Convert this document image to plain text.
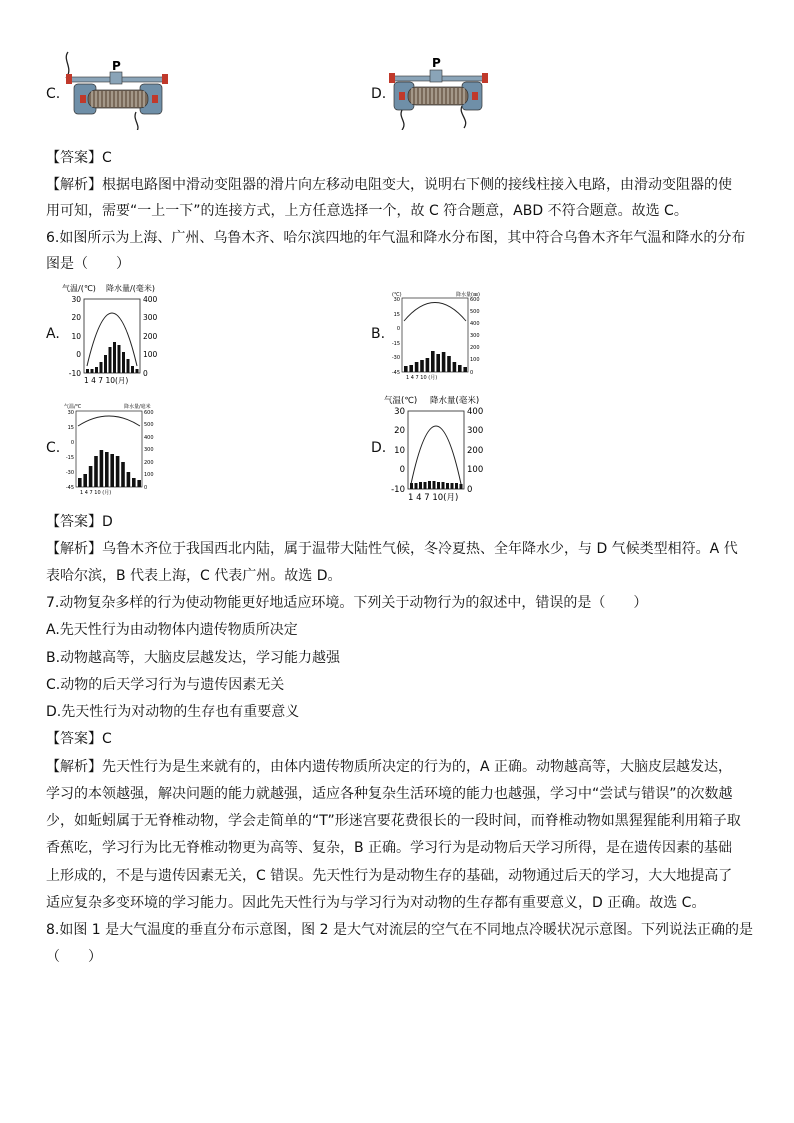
C.
P
D.
P
【答案】C
【解析】根据电路图中滑动变阻器的滑片向左移动电阻变大，说明右下侧的接线柱接入电路，由滑动变阻器的使
用可知，需要“一上一下”的连接方式，上方任意选择一个，故 C 符合题意，ABD 不符合题意。故选 C。
6.如图所示为上海、广州、乌鲁木齐、哈尔滨四地的年气温和降水分布图，其中符合乌鲁木齐年气温和降水的分布
图是（　　）
A.	B.
C.	D.
气温/(℃) 降水量/(毫米)
30
20
10
0
-10
400
300
200
100
0
1 4 7 10(月)
(℃)	降水量(㎜)
30
15
0
-15
-30
-45
600
500
400
300
200
100
0
1 4 7 10 (月)
气温/℃	降水量/毫米
30
15
0
-15
-30
-45
600
500
400
300
200
100
0
1 4 7 10 (月)
气温(℃) 降水量(毫米)
30
20
10
0
-10
400
300
200
100
0
1 4 7 10(月)
【答案】D
【解析】乌鲁木齐位于我国西北内陆，属于温带大陆性气候，冬冷夏热、全年降水少，与 D 气候类型相符。A 代
表哈尔滨，B 代表上海，C 代表广州。故选 D。
7.动物复杂多样的行为使动物能更好地适应环境。下列关于动物行为的叙述中，错误的是（　　）
A.先天性行为由动物体内遗传物质所决定
B.动物越高等，大脑皮层越发达，学习能力越强
C.动物的后天学习行为与遗传因素无关
D.先天性行为对动物的生存也有重要意义
【答案】C
【解析】先天性行为是生来就有的，由体内遗传物质所决定的行为的，A 正确。动物越高等，大脑皮层越发达，
学习的本领越强，解决问题的能力就越强，适应各种复杂生活环境的能力也越强，学习中“尝试与错误”的次数越
少，如蚯蚓属于无脊椎动物，学会走简单的“T”形迷宫要花费很长的一段时间，而脊椎动物如黑猩猩能利用箱子取
香蕉吃，学习行为比无脊椎动物更为高等、复杂，B 正确。学习行为是动物后天学习所得，是在遗传因素的基础
上形成的，不是与遗传因素无关，C 错误。先天性行为是动物生存的基础，动物通过后天的学习，大大地提高了
适应复杂多变环境的学习能力。因此先天性行为与学习行为对动物的生存都有重要意义，D 正确。故选 C。
8.如图 1 是大气温度的垂直分布示意图，图 2 是大气对流层的空气在不同地点冷暖状况示意图。下列说法正确的是
（　　）
